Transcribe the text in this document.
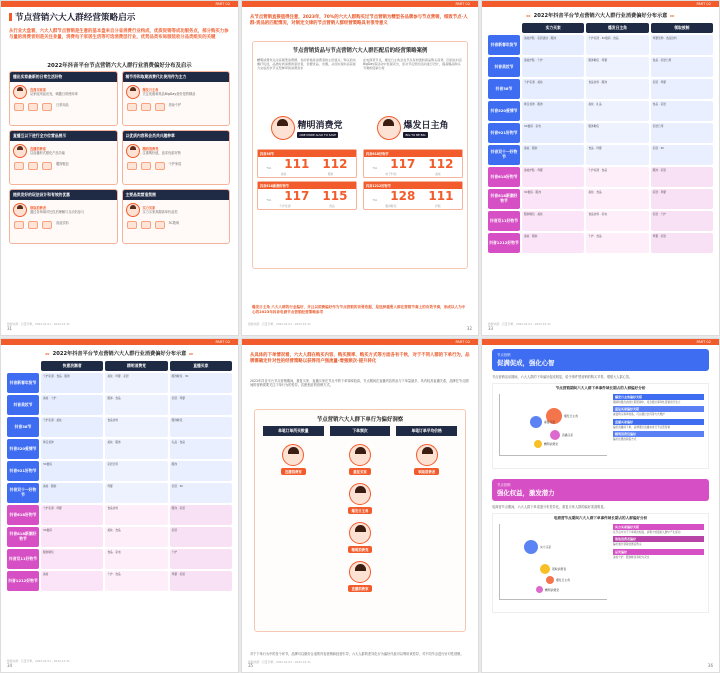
PART 02
节点营销六大人群经营策略启示
从行业大盘看，六大人群节点营销是生意的基本盘来自分省消费行业构成，优质促销等成功服务点，部分购买力参与量的消费者则是关注身量，消费电子家居生活等可选消费层行业，优势品类布局服装收分品类组实的关键
2022年抖音平台节点营销六大人群行业消费偏好分布及启示
播出实家最新的日常生活好物
直商买家家
从家庭用品出发，刺激日常使用率
日常用品
稀节符和取期消费代比使用件为主力
爆发日主角
关注优惠和具品BigDay爱好是的精品
美妆个护
直播互以下进行全方位营品展示
直播消费家
以直播形式强化产品功能
服饰鞋包
以优质内容和会员共兴趣种草
精明消费党
注重购价值，追求优质好物
个护家清
提供发好的玩法设计和有效的优惠
领取消费者
通过各场域对比性后理解与互动后参与
食品饮料
主要品类营造氛围
实力买家
实力买家高端高单价品类
3C数码
数据来源：巨量引擎，2022.01.01 - 2022.12.31
31
PART 02
从节点营销直接值得注意，2023年，70%的六大人群购买过节点营销为精型各品牌参与节点营销，细致节点·人群·货品的匹配情况，对制定文律的节点营销人群经营策略具有很导意义
节点营销货品与节点营销六大人群匹配后的经营策略案例
精明消费党关注家属型消费群，有的价格是消费者的主价值点；购买的实惠打包选，品类时尚消费的爱好者，需要优品、优惠，从而实现抖音获能力完成需求节点型种草的消费需求
精明消费党
ONE MORE ALSO TO SAVE
抖音38节
TGI 111 112
美妆	服饰
抖音818新潮好物节
TGI 117 115
个护家清	食品
在电商营节点，爆发日主角会在节点有较强的商品购买趋势，因而在抖音BigDay等活动中表现突出，需对节点型的活动进行设计，提高爆品购买节奏和促销力度
爆发日主角
BIG TO BE BIG
抖音618好物节
TGI 117 112
电子科技	美妆
抖音1212好物节
TGI 128 111
服饰鞋包	护肤
爆发日主角 六大人群的行业偏好，并且以消费偏好作为节点营销的首要依据，是选择重要人群在营销节奏上的有效节奏，形成以人为中心的2023年抖音电商节点营销经营策略参考
数据来源：巨量引擎，2022.01.01 - 2022.12.31
32
PART 02
▸▸ 2022年抖音平台节点营销六大人群行业消费偏好分布示意 ▸▸
实力买家	爆发日主角	领取被制
抖音新春年货节
美妆护肤 · 家居清洁 · 服饰	个护家清 · 3C数码 · 食品	母婴宠物 · 食品饮料
抖音美妆节
美妆护肤 · 个护	服饰鞋包 · 母婴	食品 · 家居日用
抖音38节
个护家清 · 美妆	食品饮料 · 服饰	家居 · 母婴
抖音520爱情节
珠宝首饰 · 服饰	美妆 · 礼品	食品 · 家居
抖音921好物节
3C数码 · 家电	服饰鞋包	家居日用
抖音双十一好物节
美妆 · 服饰	食品 · 母婴	家居 · 3C
抖音618好物节
美妆护肤 · 母婴	个护家清 · 食品	服饰 · 家居
抖音818新潮好物节
3C数码 · 服饰	美妆 · 食品	家居 · 母婴
抖音双11好物节
服饰鞋包 · 美妆	食品饮料 · 家电	家居 · 个护
抖音1212好物节
美妆 · 服饰	个护 · 食品	母婴 · 家居
数据来源：巨量引擎，2022.01.01 - 2022.12.31
33
PART 02
▸▸ 2022年抖音平台节点营销六大人群行业消费偏好分布示意 ▸▸
快意浪潮者	精明消费党	直播买家
抖音新春年货节
个护家清 · 食品 · 服饰	美妆 · 母婴 · 家居	服饰鞋包 · 3C
抖音美妆节
美妆 · 个护	服饰 · 食品	家居 · 母婴
抖音38节
个护家清 · 美妆	食品饮料	服饰鞋包
抖音520爱情节
珠宝首饰	美妆 · 服饰	礼品 · 食品
抖音921好物节
3C数码	家居日用	服饰
抖音双十一好物节
美妆 · 服饰	母婴	家居 · 3C
抖音618好物节
个护家清 · 母婴	食品饮料	服饰 · 家居
抖音818新潮好物节
3C数码	美妆 · 食品	家居
抖音双11好物节
服饰鞋包	食品 · 家电	个护
抖音1212好物节
美妆	个护 · 食品	母婴 · 家居
数据来源：巨量引擎，2022.01.01 - 2022.12.31
34
PART 02
从具体的下单情况看，六大人群在购买内容、购买频率、购买方式等方面各有千秋，对于不同人群的下单行为，品牌需确定针对性的经营策略以获得用户强流量·增强频次·提升转化
2022年抖音平台节点营销期间，重复买家、直播买家在节点中的下单频率较高，节点期间在直播内容的参与下单量最多，具有较高直播关系，品牌在节点期间的营销需要关注下单行为的差异，匹配相应的营销方式。
节点营销六大人群下单行为偏好洞察
单笔订单所买数量
直播消费家
下单频次
重复买家
爆发日主角
精明消费党
直播消费家
单笔订单平均价格
领取消费者
对于下单行为中的各个环节，品牌可以做好合适的内容营销和经营引导，六大人群的差异化行为偏好代表可以利用该差异，对不同节点进行针对性营销。
数据来源：巨量引擎，2022.01.01 - 2022.12.31
35
PART 02
节点营销
促满促成，强化心智
节点营销活动期间，六大人群的下单偏好促成明显，给予事件型营销的购买节奏，增强大人群心智。
节点营销期间六大人群下单事件域长期占的人群偏好分析
爆发日主角
重复买家
直播买家
精明消费党
爆发日主角偏好关联
期间较强优质的长期营销中，将会通过事件性营销进行发力
重复买家偏好关联
重复购买频率较高，可以通过会员等方式维护
直播买家偏好
偏好直播间下单，品牌通过直播来进行节点型营销
精明消费党偏好
偏好优惠的销售方式
节点营销
强化权益，激发潜力
电商营节点期间，六大人群下单渠道分布差异化，重复买家人群的偏好渠道明显。
电商营节点期间六大人群下单事件域长期占的人群偏好分析
实力买家
领取消费者
爆发日主角
精明消费党
实力买家偏好关联
在节点中对于下单频次较高，消费力较强的人群中产生促动
领取消费者偏好
偏好通过领取优惠后购买
品类偏好
美妆个护、服饰鞋包等较为突出
36
